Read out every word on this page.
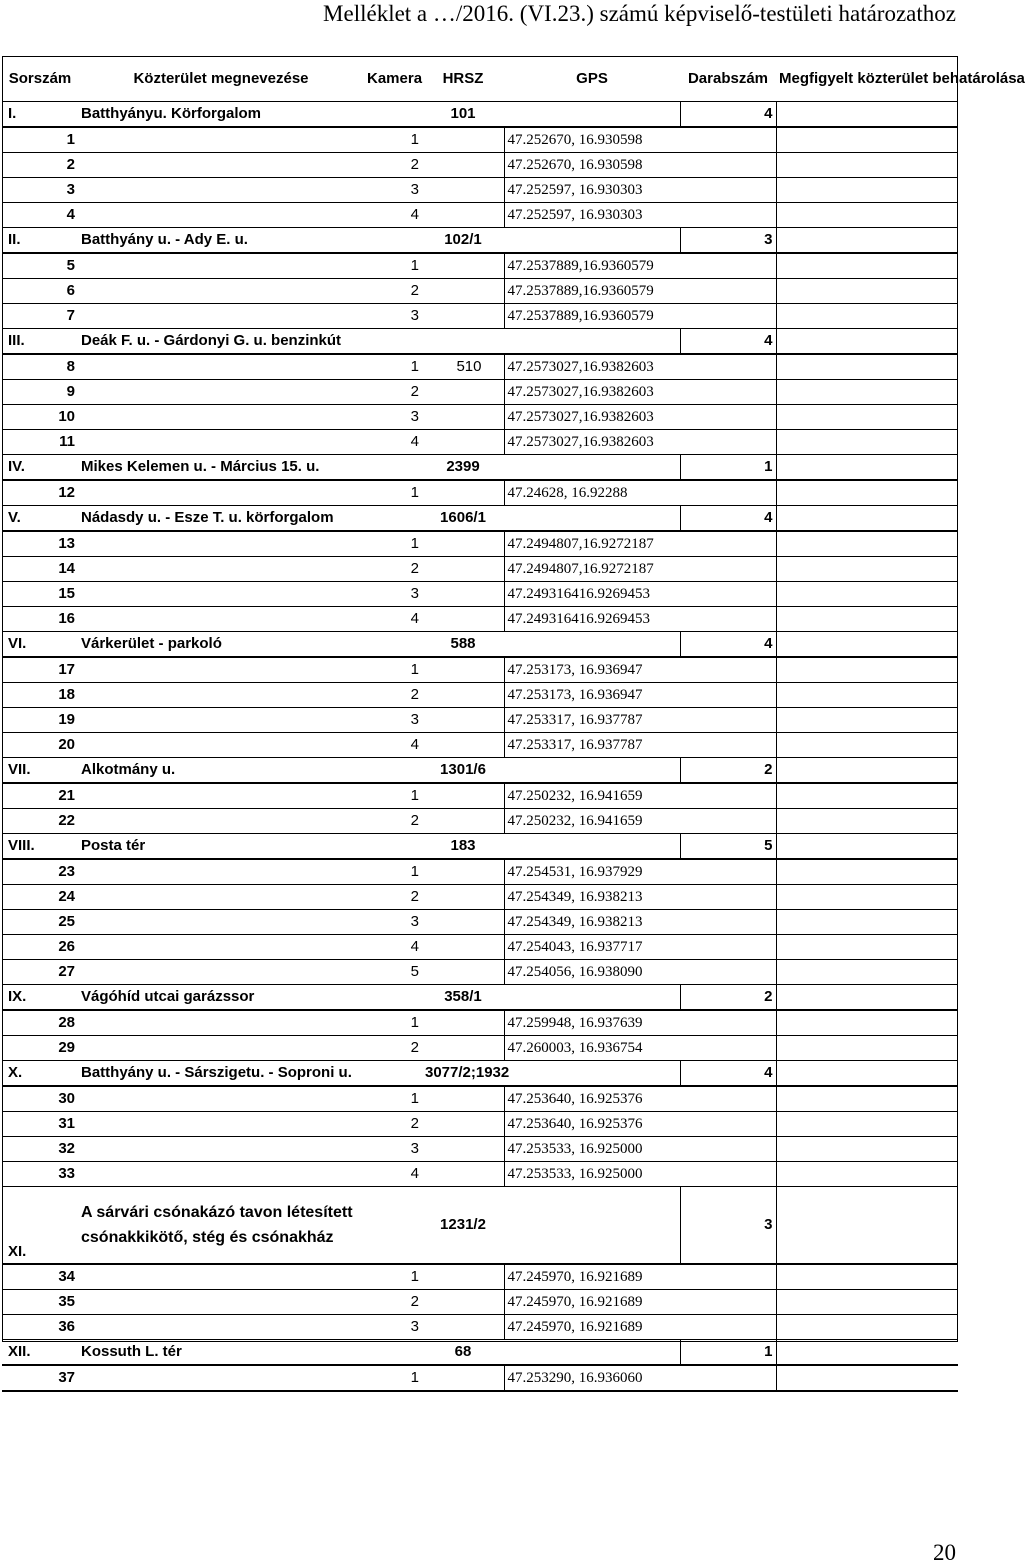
Melléklet a …/2016. (VI.23.) számú képviselő-testületi határozathoz
Sorszám	Közterület megnevezése	Kamera	HRSZ	GPS	Darabszám	Megfigyelt közterület behatárolása
I.	Batthyányu. Körforgalom		101		4	
1		1		47.252670, 16.930598		
2		2		47.252670, 16.930598		
3		3		47.252597, 16.930303		
4		4		47.252597, 16.930303		
II.	Batthyány u. - Ady E. u.		102/1		3	
5		1		47.2537889,16.9360579		
6		2		47.2537889,16.9360579		
7		3		47.2537889,16.9360579		
III.	Deák F. u. - Gárdonyi G. u. benzinkút				4	
8		1	510	47.2573027,16.9382603		
9		2		47.2573027,16.9382603		
10		3		47.2573027,16.9382603		
11		4		47.2573027,16.9382603		
IV.	Mikes Kelemen u. - Március 15. u.		2399		1	
12		1		47.24628, 16.92288		
V.	Nádasdy u. - Esze T. u. körforgalom		1606/1		4	
13		1		47.2494807,16.9272187		
14		2		47.2494807,16.9272187		
15		3		47.249316416.9269453		
16		4		47.249316416.9269453		
VI.	Várkerület - parkoló		588		4	
17		1		47.253173, 16.936947		
18		2		47.253173, 16.936947		
19		3		47.253317, 16.937787		
20		4		47.253317, 16.937787		
VII.	Alkotmány u.		1301/6		2	
21		1		47.250232, 16.941659		
22		2		47.250232, 16.941659		
VIII.	Posta tér		183		5	
23		1		47.254531, 16.937929		
24		2		47.254349, 16.938213		
25		3		47.254349, 16.938213		
26		4		47.254043, 16.937717		
27		5		47.254056, 16.938090		
IX.	Vágóhíd utcai garázssor		358/1		2	
28		1		47.259948, 16.937639		
29		2		47.260003, 16.936754		
X.	Batthyány u. - Sárszigetu. - Soproni u.		3077/2;1932		4	
30		1		47.253640, 16.925376		
31		2		47.253640, 16.925376		
32		3		47.253533, 16.925000		
33		4		47.253533, 16.925000		
XI.	A sárvári csónakázó tavon létesített csónakkikötő, stég és csónakház		1231/2		3	
34		1		47.245970, 16.921689		
35		2		47.245970, 16.921689		
36		3		47.245970, 16.921689		
XII.	Kossuth L. tér		68		1	
37		1		47.253290, 16.936060		
20
